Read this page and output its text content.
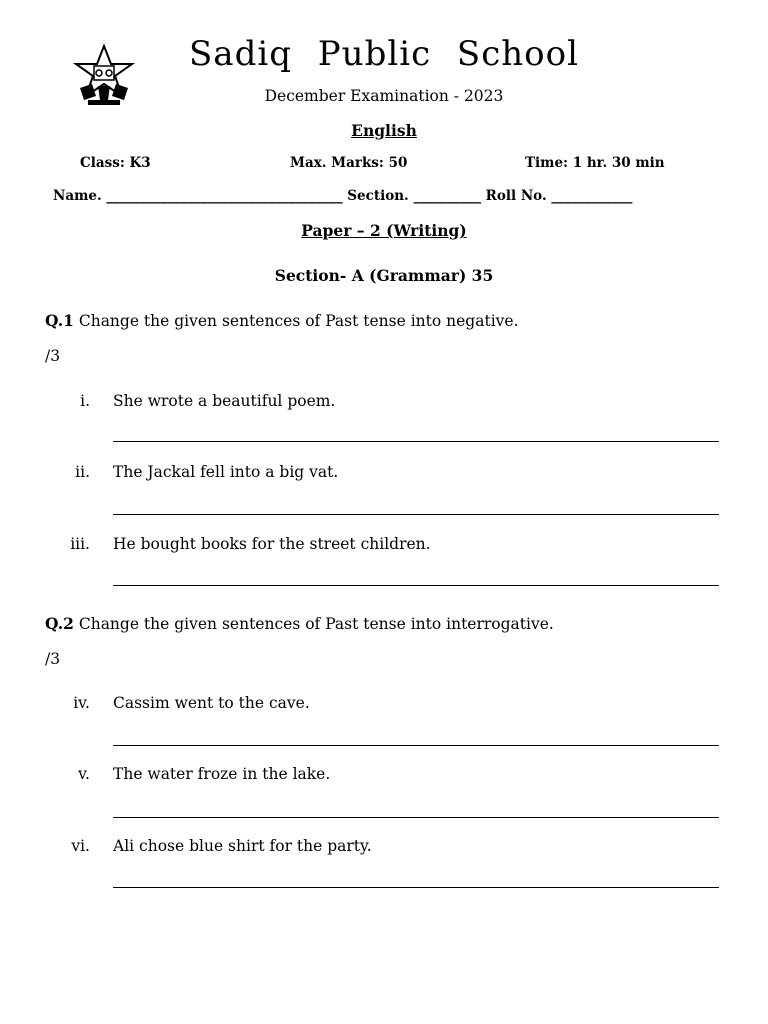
Sadiq Public School
December Examination - 2023
English
Class: K3	Max. Marks: 50	Time: 1 hr. 30 min
Name. ___________________________________ Section. __________ Roll No. ____________
Paper – 2 (Writing)
Section- A (Grammar) 35
Q.1 Change the given sentences of Past tense into negative.
/3
i. She wrote a beautiful poem.
ii. The Jackal fell into a big vat.
iii. He bought books for the street children.
Q.2 Change the given sentences of Past tense into interrogative.
/3
iv. Cassim went to the cave.
v. The water froze in the lake.
vi. Ali chose blue shirt for the party.
